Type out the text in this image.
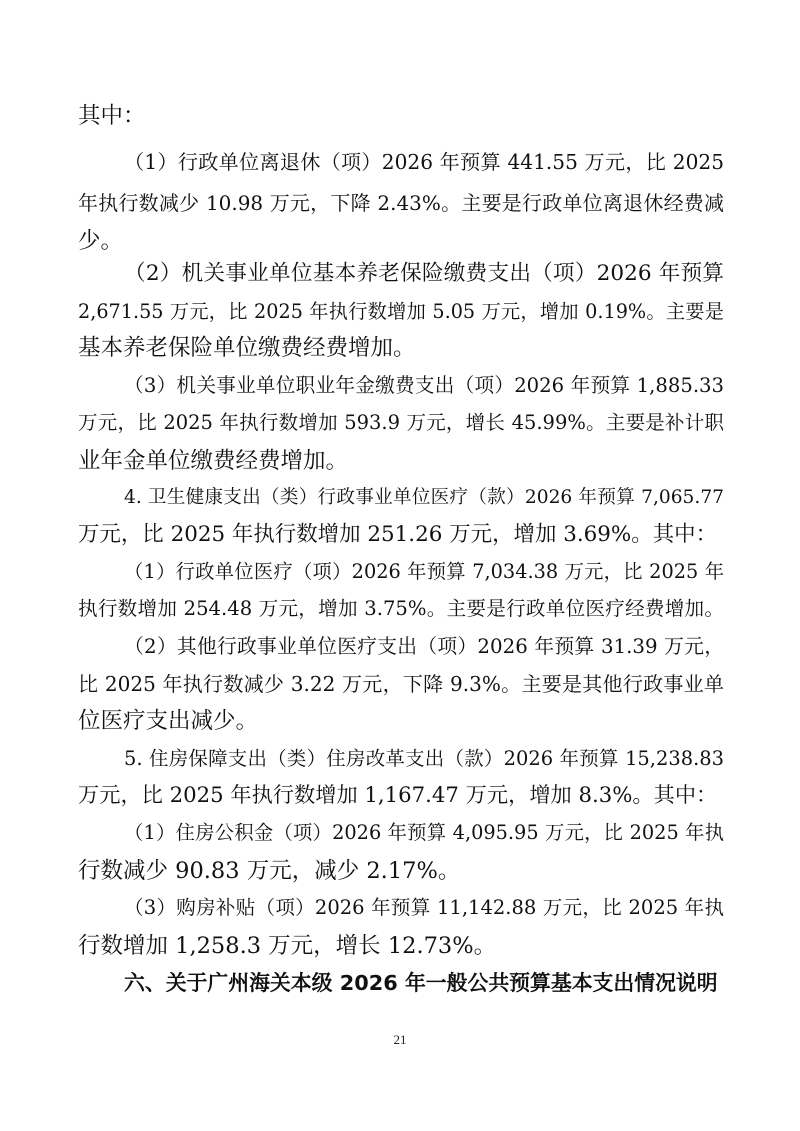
其中：
（1）行政单位离退休（项）2026 年预算 441.55 万元，比 2025
年执行数减少 10.98 万元，下降 2.43%。主要是行政单位离退休经费减
少。
（2）机关事业单位基本养老保险缴费支出（项）2026 年预算
2,671.55 万元，比 2025 年执行数增加 5.05 万元，增加 0.19%。主要是
基本养老保险单位缴费经费增加。
（3）机关事业单位职业年金缴费支出（项）2026 年预算 1,885.33
万元，比 2025 年执行数增加 593.9 万元，增长 45.99%。主要是补计职
业年金单位缴费经费增加。
4. 卫生健康支出（类）行政事业单位医疗（款）2026 年预算 7,065.77
万元，比 2025 年执行数增加 251.26 万元，增加 3.69%。其中：
（1）行政单位医疗（项）2026 年预算 7,034.38 万元，比 2025 年
执行数增加 254.48 万元，增加 3.75%。主要是行政单位医疗经费增加。
（2）其他行政事业单位医疗支出（项）2026 年预算 31.39 万元，
比 2025 年执行数减少 3.22 万元，下降 9.3%。主要是其他行政事业单
位医疗支出减少。
5. 住房保障支出（类）住房改革支出（款）2026 年预算 15,238.83
万元，比 2025 年执行数增加 1,167.47 万元，增加 8.3%。其中：
（1）住房公积金（项）2026 年预算 4,095.95 万元，比 2025 年执
行数减少 90.83 万元，减少 2.17%。
（3）购房补贴（项）2026 年预算 11,142.88 万元，比 2025 年执
行数增加 1,258.3 万元，增长 12.73%。
六、关于广州海关本级 2026 年一般公共预算基本支出情况说明
21
